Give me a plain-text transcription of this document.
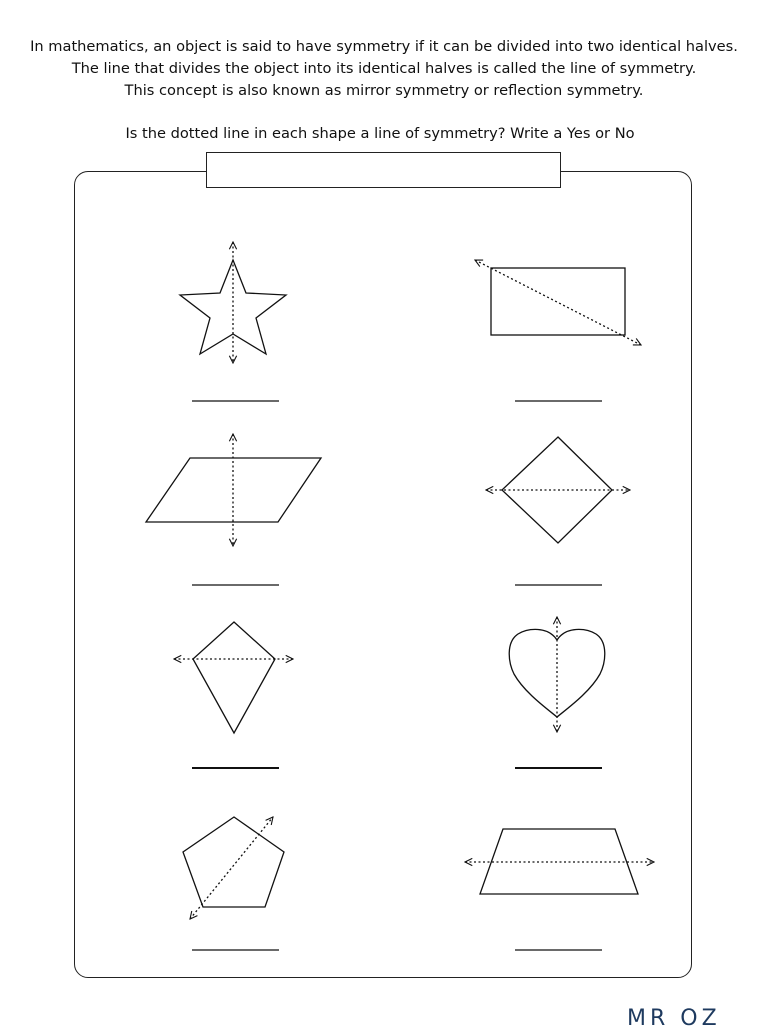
In mathematics, an object is said to have symmetry if it can be divided into two identical halves.
The line that divides the object into its identical halves is called the line of symmetry.
This concept is also known as mirror symmetry or reflection symmetry.
Is the dotted line in each shape a line of symmetry? Write a Yes or No
MR OZ
